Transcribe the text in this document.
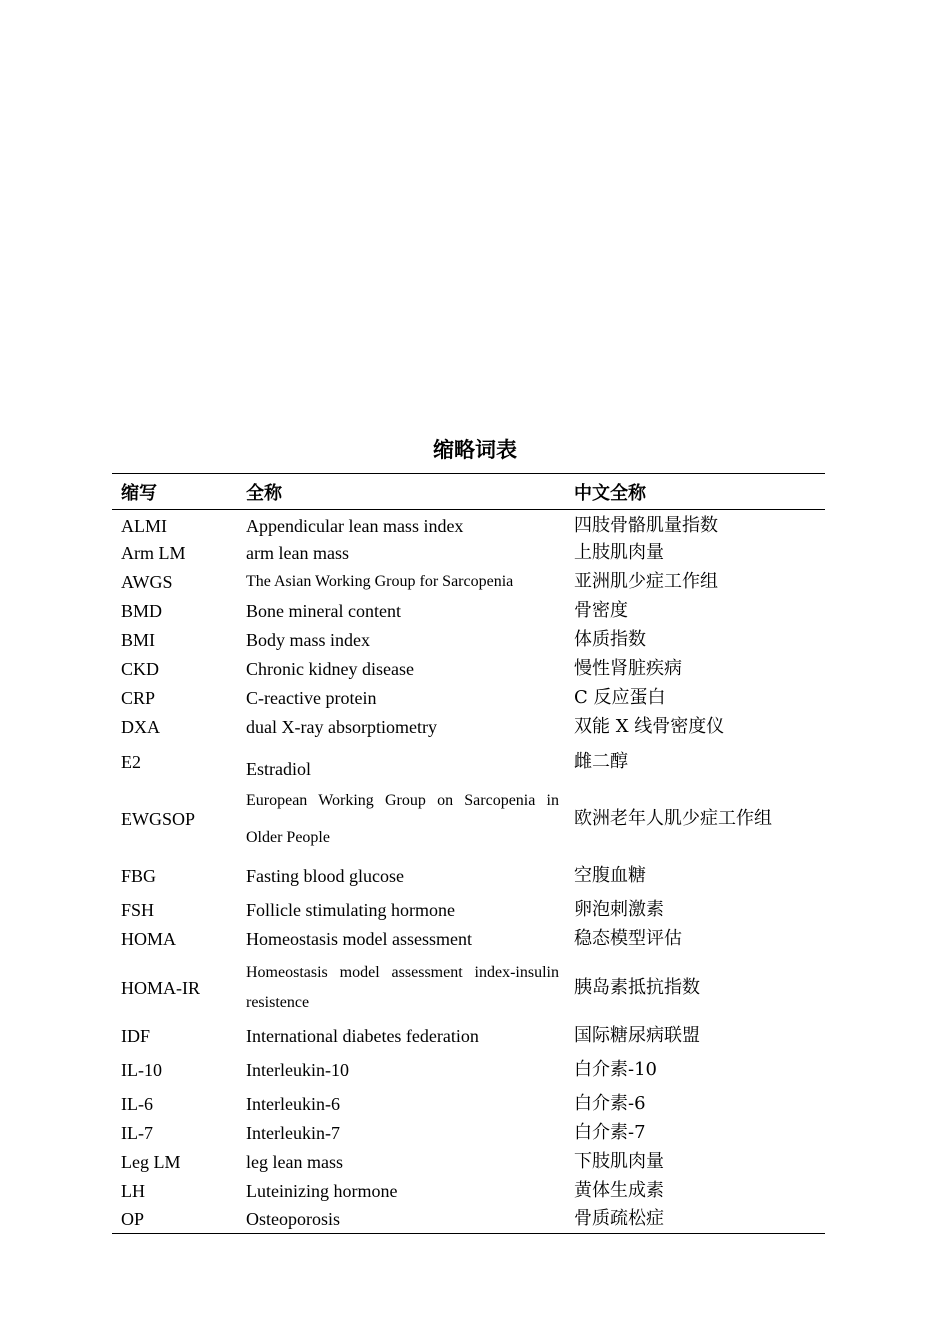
缩略词表
缩写	全称	中文全称
ALMI	Appendicular lean mass index	四肢骨骼肌量指数
Arm LM	arm lean mass	上肢肌肉量
AWGS	The Asian Working Group for Sarcopenia	亚洲肌少症工作组
BMD	Bone mineral content	骨密度
BMI	Body mass index	体质指数
CKD	Chronic kidney disease	慢性肾脏疾病
CRP	C-reactive protein	C 反应蛋白
DXA	dual X-ray absorptiometry	双能 X 线骨密度仪
E2	Estradiol	雌二醇
EWGSOP	European Working Group on Sarcopenia in Older People	欧洲老年人肌少症工作组
FBG	Fasting blood glucose	空腹血糖
FSH	Follicle stimulating hormone	卵泡刺激素
HOMA	Homeostasis model assessment	稳态模型评估
HOMA-IR	Homeostasis model assessment index-insulin resistence	胰岛素抵抗指数
IDF	International diabetes federation	国际糖尿病联盟
IL-10	Interleukin-10	白介素-10
IL-6	Interleukin-6	白介素-6
IL-7	Interleukin-7	白介素-7
Leg LM	leg lean mass	下肢肌肉量
LH	Luteinizing hormone	黄体生成素
OP	Osteoporosis	骨质疏松症
